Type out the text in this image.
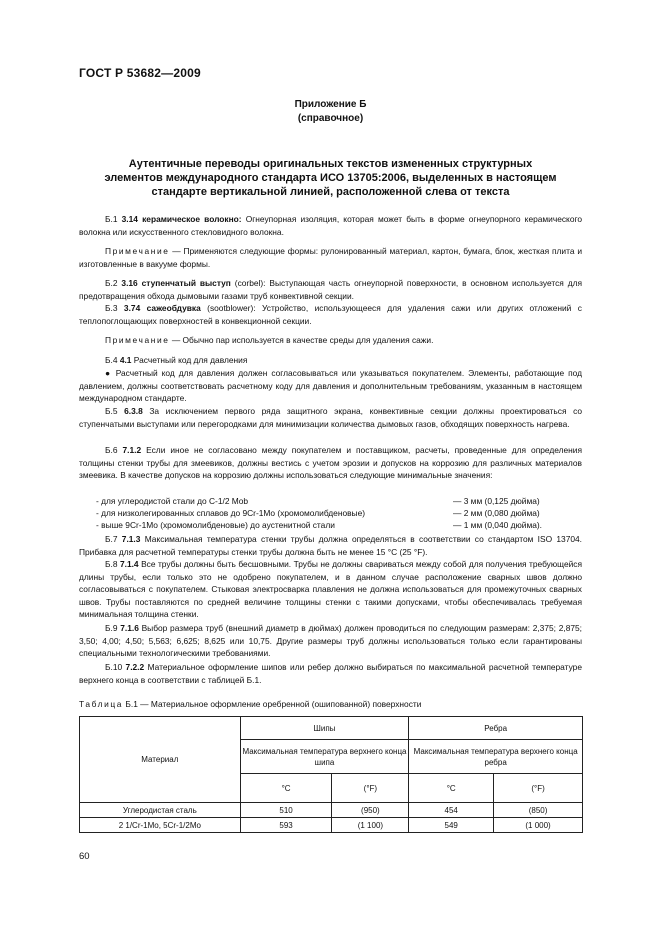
ГОСТ Р 53682—2009
Приложение Б
(справочное)
Аутентичные переводы оригинальных текстов измененных структурных элементов международного стандарта ИСО 13705:2006, выделенных в настоящем стандарте вертикальной линией, расположенной слева от текста
Б.1 3.14 керамическое волокно: Огнеупорная изоляция, которая может быть в форме огнеупорного керамического волокна или искусственного стекловидного волокна.
Примечание — Применяются следующие формы: рулонированный материал, картон, бумага, блок, жесткая плита и изготовленные в вакууме формы.
Б.2 3.16 ступенчатый выступ (corbel): Выступающая часть огнеупорной поверхности, в основном используется для предотвращения обхода дымовыми газами труб конвективной секции.
Б.3 3.74 сажеобдувка (sootblower): Устройство, использующееся для удаления сажи или других отложений с теплопоглощающих поверхностей в конвекционной секции.
Примечание — Обычно пар используется в качестве среды для удаления сажи.
Б.4 4.1 Расчетный код для давления
● Расчетный код для давления должен согласовываться или указываться покупателем. Элементы, работающие под давлением, должны соответствовать расчетному коду для давления и дополнительным требованиям, указанным в настоящем международном стандарте.
Б.5 6.3.8 За исключением первого ряда защитного экрана, конвективные секции должны проектироваться со ступенчатыми выступами или перегородками для минимизации количества дымовых газов, обходящих поверхность нагрева.
Б.6 7.1.2 Если иное не согласовано между покупателем и поставщиком, расчеты, проведенные для определения толщины стенки трубы для змеевиков, должны вестись с учетом эрозии и допусков на коррозию для различных материалов змеевика. В качестве допусков на коррозию должны использоваться следующие минимальные значения:
- для углеродистой стали до С-1/2 Mob	— 3 мм (0,125 дюйма)
- для низколегированных сплавов до 9Cr-1Mo (хромомолибденовые)	— 2 мм (0,080 дюйма)
- выше 9Cr-1Mo (хромомолибденовые) до аустенитной стали	— 1 мм (0,040 дюйма).
Б.7 7.1.3 Максимальная температура стенки трубы должна определяться в соответствии со стандартом ISO 13704. Прибавка для расчетной температуры стенки трубы должна быть не менее 15 °С (25 °F).
Б.8 7.1.4 Все трубы должны быть бесшовными. Трубы не должны свариваться между собой для получения требующейся длины трубы, если только это не одобрено покупателем, и в данном случае расположение сварных швов должно согласовываться с покупателем. Стыковая электросварка плавления не должна использоваться для промежуточных сварных швов. Трубы поставляются по средней величине толщины стенки с такими допусками, чтобы обеспечивалась требуемая минимальная толщина стенки.
Б.9 7.1.6 Выбор размера труб (внешний диаметр в дюймах) должен проводиться по следующим размерам: 2,375; 2,875; 3,50; 4,00; 4,50; 5,563; 6,625; 8,625 или 10,75. Другие размеры труб должны использоваться только если гарантированы специальными технологическими требованиями.
Б.10 7.2.2 Материальное оформление шипов или ребер должно выбираться по максимальной расчетной температуре верхнего конца в соответствии с таблицей Б.1.
Таблица Б.1 — Материальное оформление оребренной (ошипованной) поверхности
Материал	Шипы		Ребра	
	Максимальная температура верхнего конца шипа		Максимальная температура верхнего конца ребра	
	°С	(°F)	°С	(°F)
Углеродистая сталь	510	(950)	454	(850)
2 1/Cr-1Mo, 5Cr-1/2Mo	593	(1 100)	549	(1 000)
60
